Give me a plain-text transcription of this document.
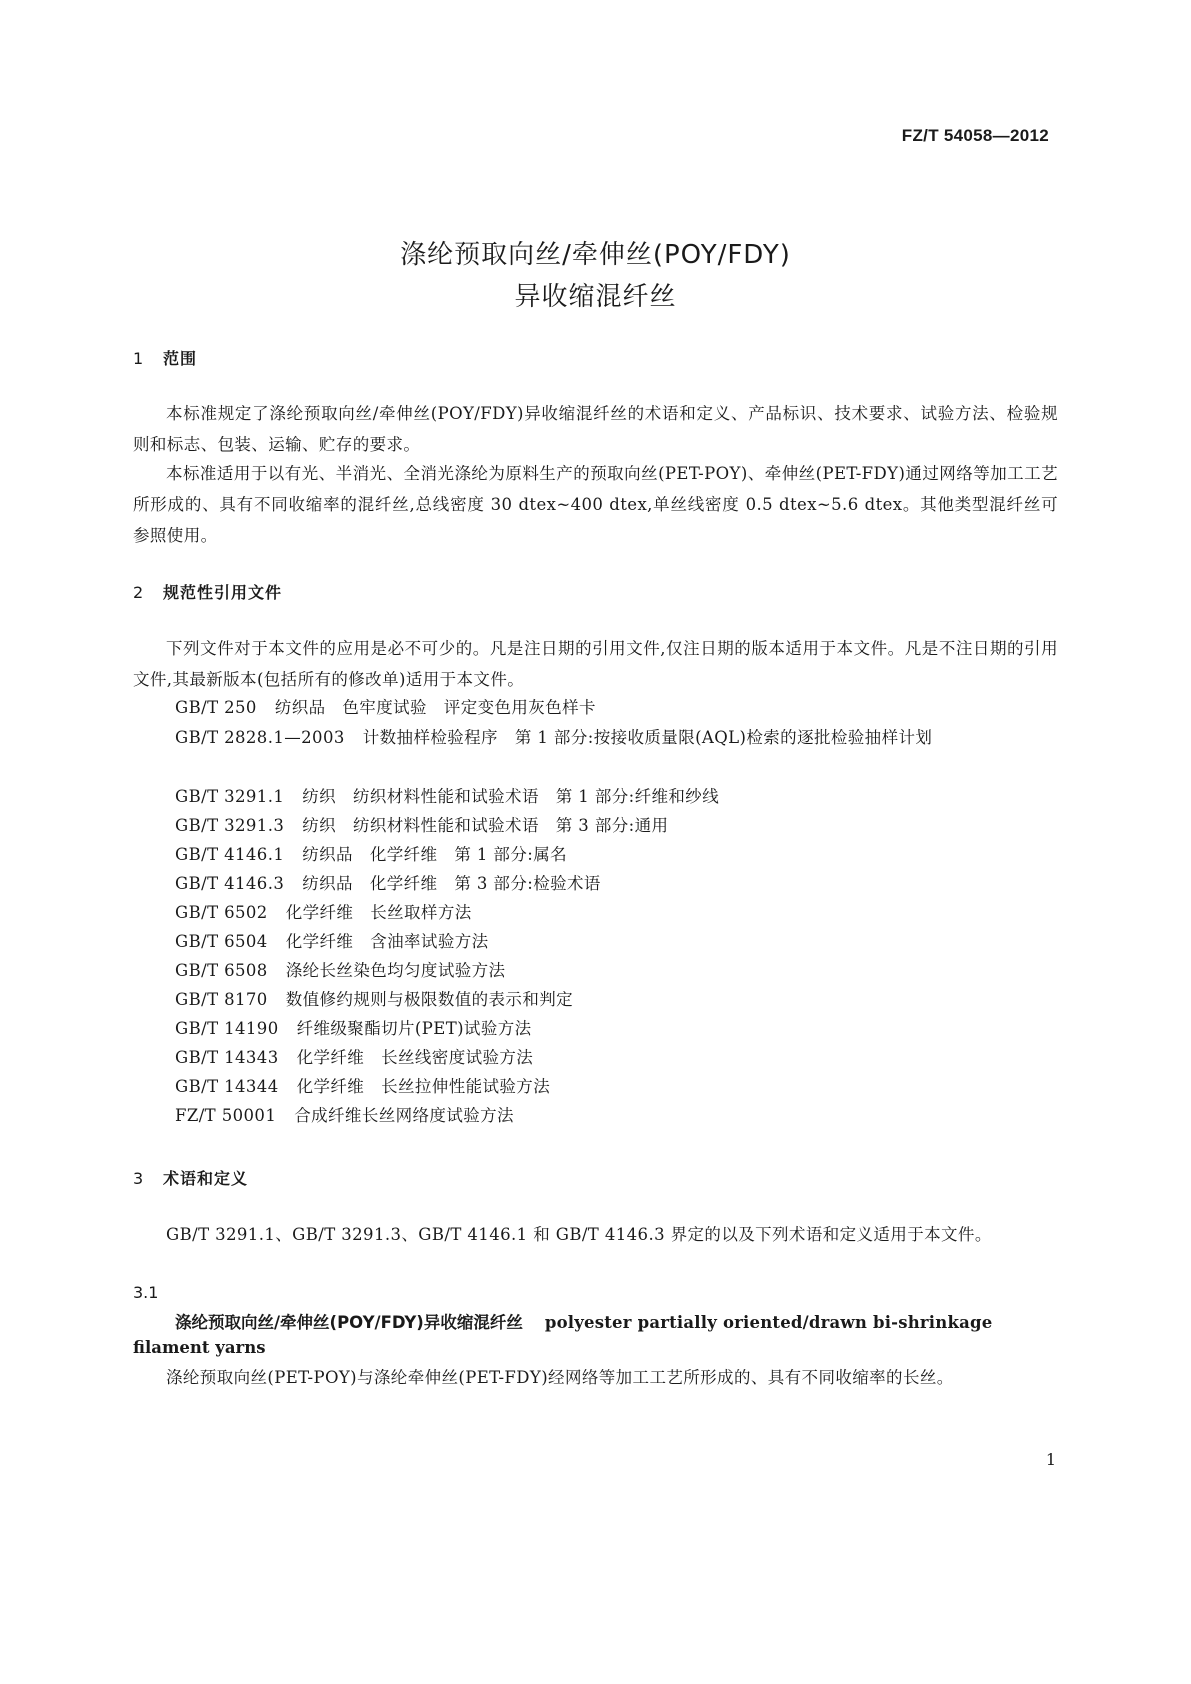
FZ/T 54058—2012
涤纶预取向丝/牵伸丝(POY/FDY)
异收缩混纤丝
1 范围
本标准规定了涤纶预取向丝/牵伸丝(POY/FDY)异收缩混纤丝的术语和定义、产品标识、技术要求、试验方法、检验规则和标志、包装、运输、贮存的要求。
本标准适用于以有光、半消光、全消光涤纶为原料生产的预取向丝(PET-POY)、牵伸丝(PET-FDY)通过网络等加工工艺所形成的、具有不同收缩率的混纤丝,总线密度 30 dtex~400 dtex,单丝线密度 0.5 dtex~5.6 dtex。其他类型混纤丝可参照使用。
2 规范性引用文件
下列文件对于本文件的应用是必不可少的。凡是注日期的引用文件,仅注日期的版本适用于本文件。凡是不注日期的引用文件,其最新版本(包括所有的修改单)适用于本文件。
GB/T 250 纺织品　色牢度试验　评定变色用灰色样卡
GB/T 2828.1—2003 计数抽样检验程序　第 1 部分:按接收质量限(AQL)检索的逐批检验抽样计划
GB/T 3291.1 纺织　纺织材料性能和试验术语　第 1 部分:纤维和纱线
GB/T 3291.3 纺织　纺织材料性能和试验术语　第 3 部分:通用
GB/T 4146.1 纺织品　化学纤维　第 1 部分:属名
GB/T 4146.3 纺织品　化学纤维　第 3 部分:检验术语
GB/T 6502 化学纤维　长丝取样方法
GB/T 6504 化学纤维　含油率试验方法
GB/T 6508 涤纶长丝染色均匀度试验方法
GB/T 8170 数值修约规则与极限数值的表示和判定
GB/T 14190 纤维级聚酯切片(PET)试验方法
GB/T 14343 化学纤维　长丝线密度试验方法
GB/T 14344 化学纤维　长丝拉伸性能试验方法
FZ/T 50001 合成纤维长丝网络度试验方法
3 术语和定义
GB/T 3291.1、GB/T 3291.3、GB/T 4146.1 和 GB/T 4146.3 界定的以及下列术语和定义适用于本文件。
3.1
涤纶预取向丝/牵伸丝(POY/FDY)异收缩混纤丝 polyester partially oriented/drawn bi-shrinkage
filament yarns
涤纶预取向丝(PET-POY)与涤纶牵伸丝(PET-FDY)经网络等加工工艺所形成的、具有不同收缩率的长丝。
1
